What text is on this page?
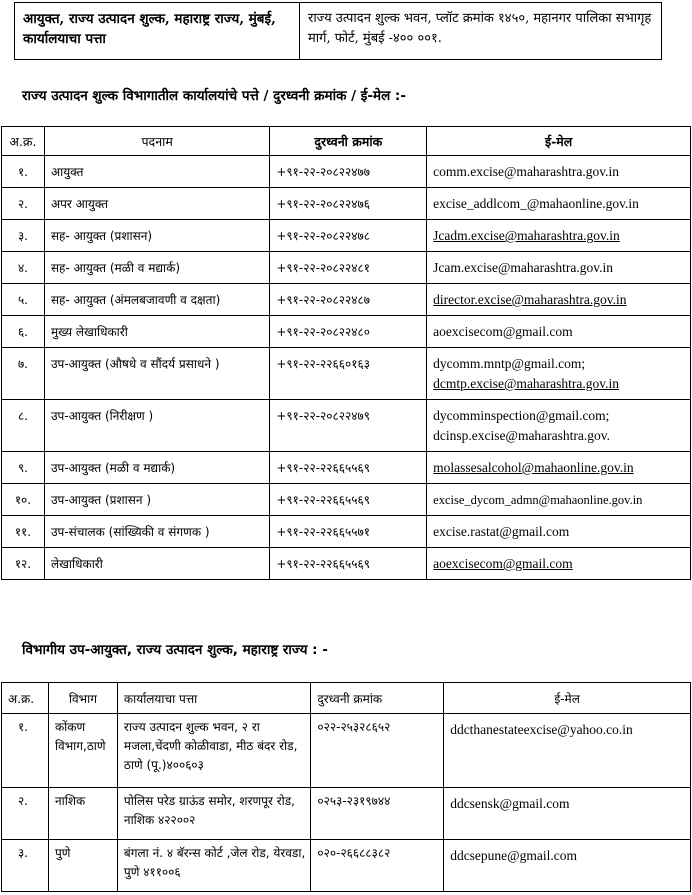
आयुक्त, राज्य उत्पादन शुल्क, महाराष्ट्र राज्य, मुंबई, कार्यालयाचा पत्ता	राज्य उत्पादन शुल्क भवन, प्लॉट क्रमांक १४५०, महानगर पालिका सभागृह मार्ग, फोर्ट, मुंबई -४०० ००१.
राज्य उत्पादन शुल्क विभागातील कार्यालयांचे पत्ते / दुरध्वनी क्रमांक / ई-मेल :-
अ.क्र.	पदनाम	दुरध्वनी क्रमांक	ई-मेल
१.	आयुक्त	+९१-२२-२०८२२४७७	comm.excise@maharashtra.gov.in
२.	अपर आयुक्त	+९१-२२-२०८२२४७६	excise_addlcom_@mahaonline.gov.in
३.	सह- आयुक्त (प्रशासन)	+९१-२२-२०८२२४७८	Jcadm.excise@maharashtra.gov.in
४.	सह- आयुक्त (मळी व मद्यार्क)	+९१-२२-२०८२२४८१	Jcam.excise@maharashtra.gov.in
५.	सह- आयुक्त (अंमलबजावणी व दक्षता)	+९१-२२-२०८२२४८७	director.excise@maharashtra.gov.in
६.	मुख्य लेखाधिकारी	+९१-२२-२०८२२४८०	aoexcisecom@gmail.com
७.	उप-आयुक्त (औषधे व सौंदर्य प्रसाधने )	+९१-२२-२२६६०१६३	dycomm.mntp@gmail.com;
dcmtp.excise@maharashtra.gov.in

८.	उप-आयुक्त (निरीक्षण )	+९१-२२-२०८२२४७९	dycomminspection@gmail.com;
dcinsp.excise@maharashtra.gov.

९.	उप-आयुक्त (मळी व मद्यार्क)	+९१-२२-२२६६५५६९	molassesalcohol@mahaonline.gov.in
१०.	उप-आयुक्त (प्रशासन )	+९१-२२-२२६६५५६९	excise_dycom_admn@mahaonline.gov.in
११.	उप-संचालक (सांख्यिकी व संगणक )	+९१-२२-२२६६५५७१	excise.rastat@gmail.com
१२.	लेखाधिकारी	+९१-२२-२२६६५५६९	aoexcisecom@gmail.com
विभागीय उप-आयुक्त, राज्य उत्पादन शुल्क, महाराष्ट्र राज्य : -
अ.क्र.	विभाग	कार्यालयाचा पत्ता	दुरध्वनी क्रमांक	ई-मेल
१.	कोंकण विभाग,ठाणे	राज्य उत्पादन शुल्क भवन, २ रा मजला,चेंदणी कोळीवाडा, मीठ बंदर रोड, ठाणे (पू.)४००६०३	०२२-२५३२८६५२	ddcthanestateexcise@yahoo.co.in
२.	नाशिक	पोलिस परेड ग्राऊंड समोर, शरणपूर रोड, नाशिक ४२२००२	०२५३-२३१९७४४	ddcsensk@gmail.com
३.	पुणे	बंगला नं. ४ बॅरन्स कोर्ट ,जेल रोड, येरवडा, पुणे ४११००६	०२०-२६६८८३८२	ddcsepune@gmail.com
